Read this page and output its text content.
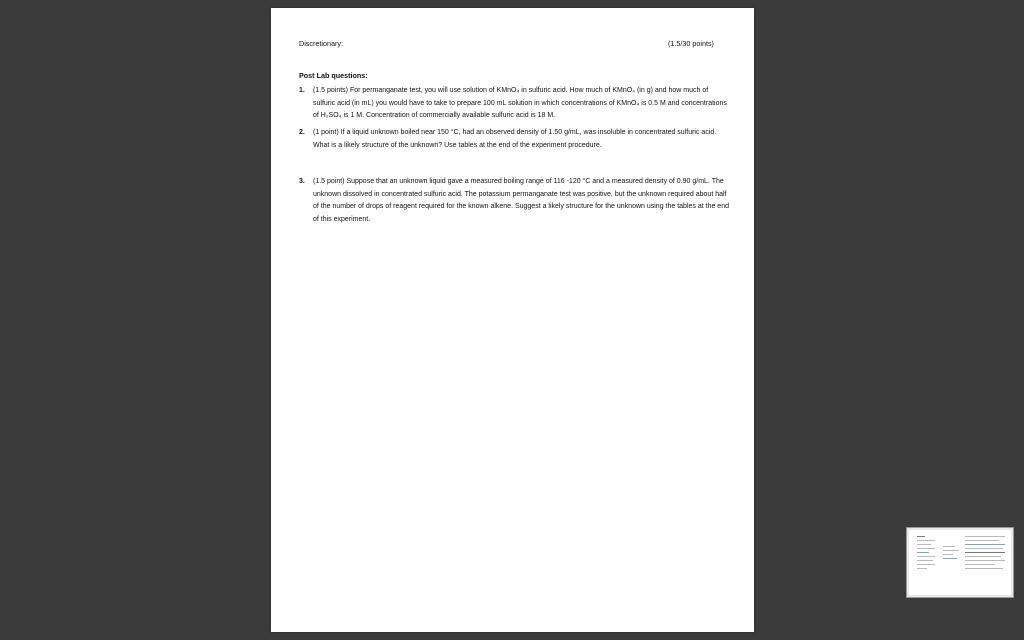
Discretionary:	(1.5/30 points)
Post Lab questions:
1.	(1.5 points) For permanganate test, you will use solution of KMnO₄ in sulfuric acid. How much of KMnO₄ (in g) and how much of sulfuric acid (in mL) you would have to take to prepare 100 mL solution in which concentrations of KMnO₄ is 0.5 M and concentrations of H₂SO₄ is 1 M. Concentration of commercially available sulfuric acid is 18 M.
2.	(1 point) If a liquid unknown boiled near 150 °C, had an observed density of 1.50 g/mL, was insoluble in concentrated sulfuric acid. What is a likely structure of the unknown? Use tables at the end of the experiment procedure.
3.	(1.5 point) Suppose that an unknown liquid gave a measured boiling range of 116 -120 °C and a measured density of 0.90 g/mL. The unknown dissolved in concentrated sulfuric acid. The potassium permanganate test was positive, but the unknown required about half of the number of drops of reagent required for the known alkene. Suggest a likely structure for the unknown using the tables at the end of this experiment.
